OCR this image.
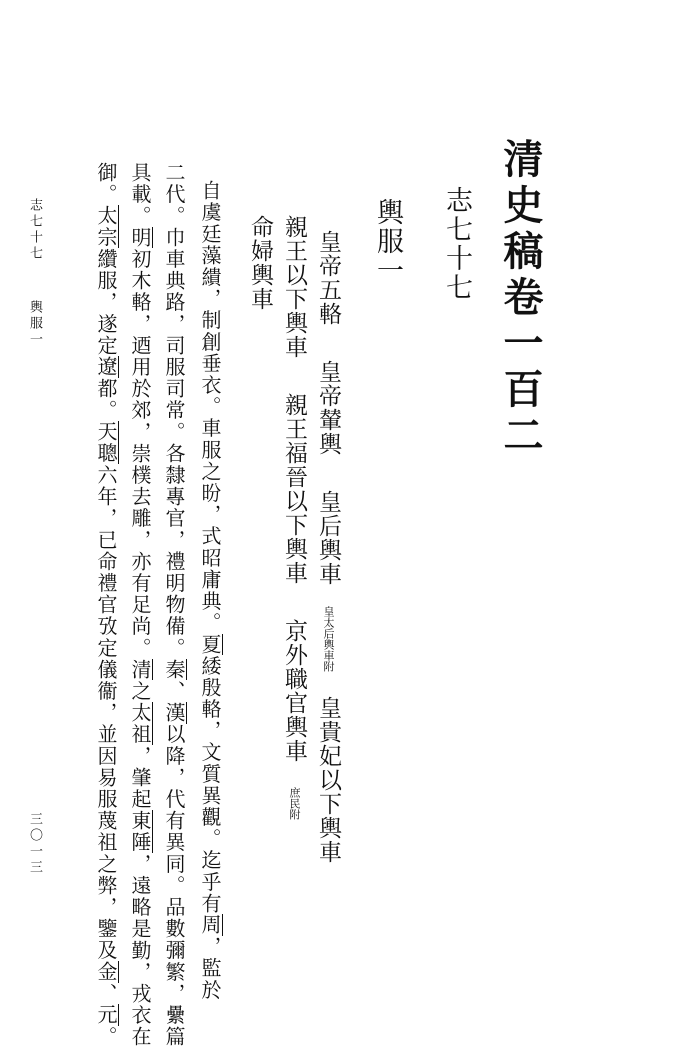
清史稿卷一百二
志七十七
輿服一
皇帝五輅皇帝輦輿皇后輿車皇太后輿車附皇貴妃以下輿車
親王以下輿車親王福晉以下輿車京外職官輿車庶民附
命婦輿車
自虞廷藻繢，制創垂衣。車服之昐，式昭庸典。夏緌殷輅，文質異觀。迄乎有周，監於
二代。巾車典路，司服司常。各隸專官，禮明物備。秦、漢以降，代有異同。品數彌繁，纍篇
具載。明初木輅，迺用於郊，崇樸去雕，亦有足尚。清之太祖，肇起東陲，遠略是勤，戎衣在
御。太宗纘服，遂定遼都。天聰六年，已命禮官攷定儀衞，並因易服蔑祖之弊，鑒及金、元。
志七十七
輿服一
三〇一三
